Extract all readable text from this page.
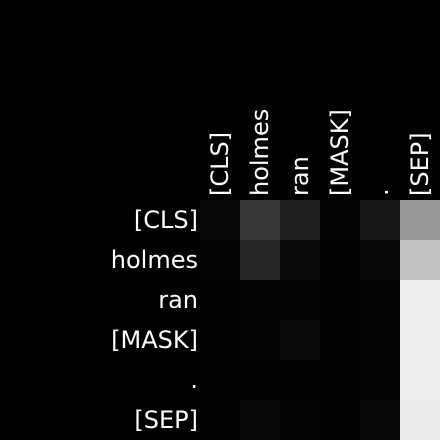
[CLS] holmes ran [MASK] . [SEP]
[CLS]
holmes
ran
[MASK]
.
[SEP]
